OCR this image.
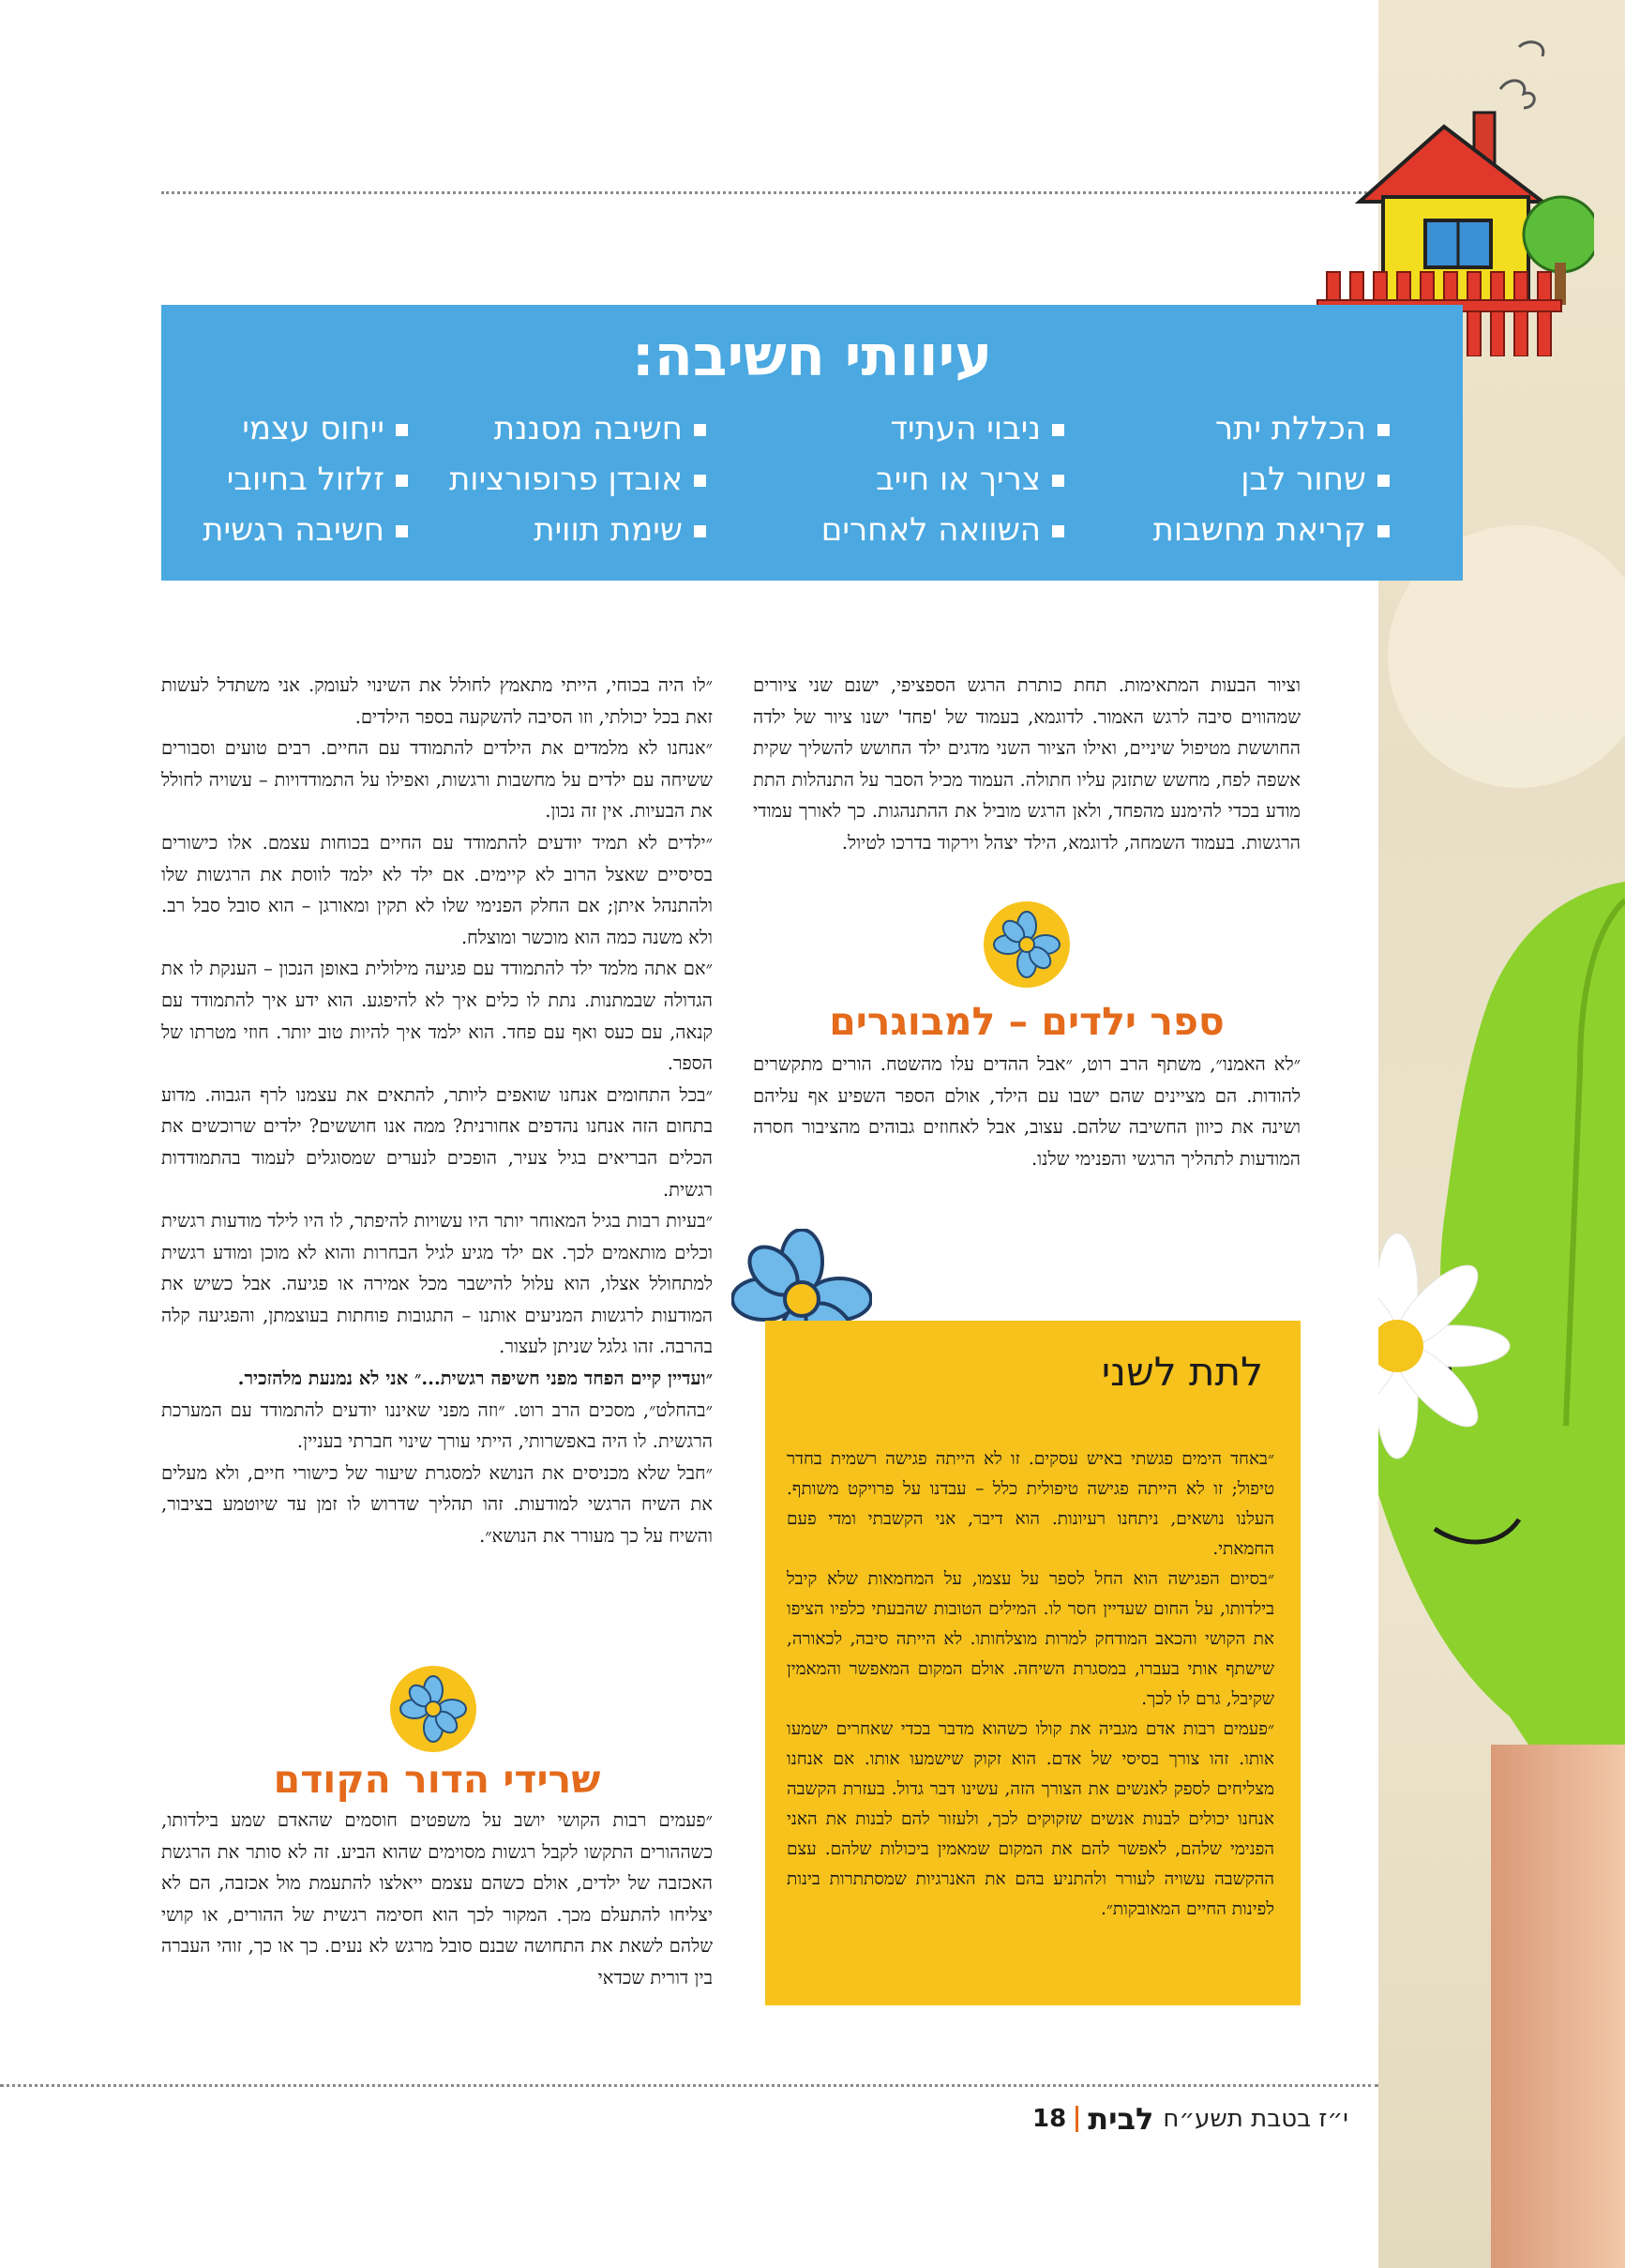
עיוותי חשיבה:
הכללת יתר
שחור לבן
קריאת מחשבות
ניבוי העתיד
צריך או חייב
השוואה לאחרים
חשיבה מסננת
אובדן פרופורציות
שימת תווית
ייחוס עצמי
זלזול בחיובי
חשיבה רגשית

וציור הבעות המתאימות. תחת כותרת הרגש הספציפי, ישנם שני ציורים שמהווים סיבה לרגש האמור. לדוגמא, בעמוד של 'פחד' ישנו ציור של ילדה החוששת מטיפול שיניים, ואילו הציור השני מדגים ילד החושש להשליך שקית אשפה לפח, מחשש שתזנק עליו חתולה. העמוד מכיל הסבר על התנהלות התת מודע בכדי להימנע מהפחד, ולאן הרגש מוביל את ההתנהגות. כך לאורך עמודי הרגשות. בעמוד השמחה, לדוגמא, הילד יצהל וירקוד בדרכו לטיול.

ספר ילדים – למבוגרים

״לא האמנו״, משתף הרב רוט, ״אבל ההדים עלו מהשטח. הורים מתקשרים להודות. הם מציינים שהם ישבו עם הילד, אולם הספר השפיע אף עליהם ושינה את כיוון החשיבה שלהם. עצוב, אבל לאחוזים גבוהים מהציבור חסרה המודעות לתהליך הרגשי והפנימי שלנו.

לתת לשני

״באחד הימים פגשתי באיש עסקים. זו לא הייתה פגישה רשמית בחדר טיפול; זו לא הייתה פגישה טיפולית כלל – עבדנו על פרויקט משותף. העלנו נושאים, ניתחנו רעיונות. הוא דיבר, אני הקשבתי ומדי פעם החמאתי.

״בסיום הפגישה הוא החל לספר על עצמו, על המחמאות שלא קיבל בילדותו, על החום שעדיין חסר לו. המילים הטובות שהבעתי כלפיו הציפו את הקושי והכאב המודחק למרות מוצלחותו. לא הייתה סיבה, לכאורה, שישתף אותי בעברו, במסגרת השיחה. אולם המקום המאפשר והמאמין שקיבל, גרם לו לכך.

״פעמים רבות אדם מגביה את קולו כשהוא מדבר בכדי שאחרים ישמעו אותו. זהו צורך בסיסי של אדם. הוא זקוק שישמעו אותו. אם אנחנו מצליחים לספק לאנשים את הצורך הזה, עשינו דבר גדול. בעזרת הקשבה אנחנו יכולים לבנות אנשים שזקוקים לכך, ולעזור להם לבנות את האני הפנימי שלהם, לאפשר להם את המקום שמאמין ביכולות שלהם. עצם ההקשבה עשויה לעורר ולהתניע בהם את האנרגיות שמסתתרות בינות לפינות החיים המאובקות״.

״לו היה בכוחי, הייתי מתאמץ לחולל את השינוי לעומק. אני משתדל לעשות זאת בכל יכולתי, וזו הסיבה להשקעה בספר הילדים.

״אנחנו לא מלמדים את הילדים להתמודד עם החיים. רבים טועים וסבורים ששיחה עם ילדים על מחשבות ורגשות, ואפילו על התמודדויות – עשויה לחולל את הבעיות. אין זה נכון.

״ילדים לא תמיד יודעים להתמודד עם החיים בכוחות עצמם. אלו כישורים בסיסיים שאצל הרוב לא קיימים. אם ילד לא ילמד לווסת את הרגשות שלו ולהתנהל איתן; אם החלק הפנימי שלו לא תקין ומאורגן – הוא סובל סבל רב. ולא משנה כמה הוא מוכשר ומוצלח.

״אם אתה מלמד ילד להתמודד עם פגיעה מילולית באופן הנכון – הענקת לו את הגדולה שבמתנות. נתת לו כלים איך לא להיפגע. הוא ידע איך להתמודד עם קנאה, עם כעס ואף עם פחד. הוא ילמד איך להיות טוב יותר. חוזי מטרתו של הספר.

״בכל התחומים אנחנו שואפים ליותר, להתאים את עצמנו לרף הגבוה. מדוע בתחום הזה אנחנו נהדפים אחורנית? ממה אנו חוששים? ילדים שרוכשים את הכלים הבריאים בגיל צעיר, הופכים לנערים שמסוגלים לעמוד בהתמודדות רגשית.

״בעיות רבות בגיל המאוחר יותר היו עשויות להיפתר, לו היו לילד מודעות רגשית וכלים מותאמים לכך. אם ילד מגיע לגיל הבחרות והוא לא מוכן ומודע רגשית למתחולל אצלו, הוא עלול להישבר מכל אמירה או פגיעה. אבל כשיש את המודעות לרגשות המניעים אותנו – התגובות פוחתות בעוצמתן, והפגיעה קלה בהרבה. זהו גלגל שניתן לעצור.

״ועדיין קיים הפחד מפני חשיפה רגשית...״ אני לא נמנעת מלהזכיר.

״בהחלט״, מסכים הרב רוט. ״וזה מפני שאיננו יודעים להתמודד עם המערכת הרגשית. לו היה באפשרותי, הייתי עורך שינוי חברתי בעניין.

״חבל שלא מכניסים את הנושא למסגרת שיעור של כישורי חיים, ולא מעלים את השיח הרגשי למודעות. זהו תהליך שדרוש לו זמן עד שיוטמע בציבור, והשיח על כך מעורר את הנושא״.

שרידי הדור הקודם

״פעמים רבות הקושי יושב על משפטים חוסמים שהאדם שמע בילדותו, כשההורים התקשו לקבל רגשות מסוימים שהוא הביע. זה לא סותר את הרגשת האכזבה של ילדים, אולם כשהם עצמם ייאלצו להתעמת מול אכזבה, הם לא יצליחו להתעלם מכך. המקור לכך הוא חסימה רגשית של ההורים, או קושי שלהם לשאת את התחושה שבנם סובל מרגש לא נעים. כך או כך, זוהי העברה בין דורית שכדאי

י״ז בטבת תשע״ח
לבית
18
